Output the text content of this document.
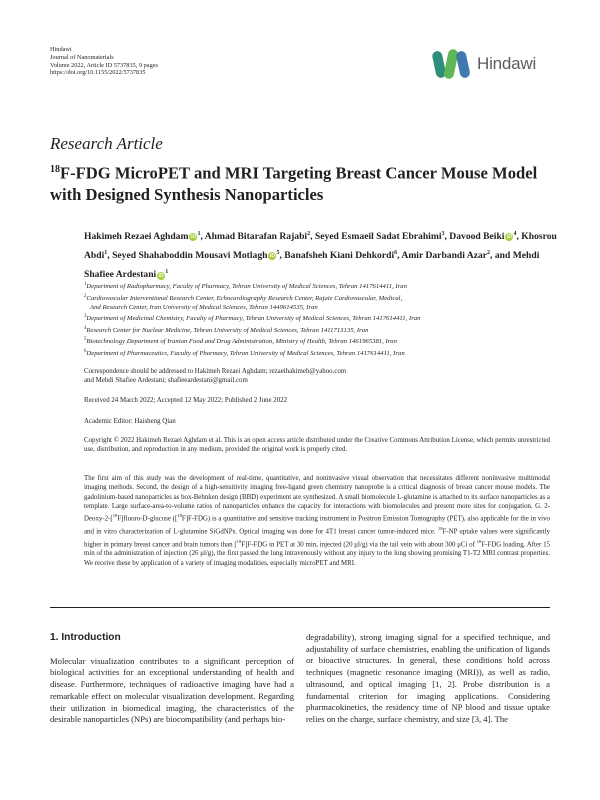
Hindawi
Journal of Nanomaterials
Volume 2022, Article ID 5737835, 9 pages
https://doi.org/10.1155/2022/5737835	Hindawi
Research Article
$^{18}$F-FDG MicroPET and MRI Targeting Breast Cancer Mouse Model with Designed Synthesis Nanoparticles
Hakimeh Rezaei Aghdam $iD^1$, Ahmad Bitarafan Rajabi$^2$, Seyed Esmaeil Sadat Ebrahimi$^3$, Davood Beiki $iD^4$, Khosrou Abdi$^1$, Seyed Shahaboddin Mousavi Motlagh $iD^5$, Banafsheh Kiani Dehkordi$^6$, Amir Darbandi Azar$^2$, and Mehdi Shafiee Ardestani $iD^1$
$^1$Department of Radiopharmacy, Faculty of Pharmacy, Tehran University of Medical Sciences, Tehran 1417614411, Iran
$^2$Cardiovascular Interventional Research Center, Echocardiography Research Center, Rajaie Cardiovascular, Medical,
And Research Center, Iran University of Medical Sciences, Tehran 1449614535, Iran
$^3$Department of Medicinal Chemistry, Faculty of Pharmacy, Tehran University of Medical Sciences, Tehran 1417614411, Iran
$^4$Research Center for Nuclear Medicine, Tehran University of Medical Sciences, Tehran 1411713135, Iran
$^5$Biotechnology Department of Iranian Food and Drug Administration, Ministry of Health, Tehran 1461965381, Iran
$^6$Department of Pharmaceutics, Faculty of Pharmacy, Tehran University of Medical Sciences, Tehran 1417614411, Iran
Correspondence should be addressed to Hakimeh Rezaei Aghdam; rezaeihakimeh@yahoo.com
and Mehdi Shafiee Ardestani; shafieeardestani@gmail.com
Received 24 March 2022; Accepted 12 May 2022; Published 2 June 2022
Academic Editor: Haisheng Qian
Copyright © 2022 Hakimeh Rezaei Aghdam et al. This is an open access article distributed under the Creative Commons Attribution License, which permits unrestricted use, distribution, and reproduction in any medium, provided the original work is properly cited.
The first aim of this study was the development of real-time, quantitative, and noninvasive visual observation that necessitates different noninvasive multimodal imaging methods. Second, the design of a high-sensitivity imaging free-ligand green chemistry nanoprobe is a critical diagnosis of breast cancer mouse models. The gadolinium-based nanoparticles as box-Behnken design (BBD) experiment are synthesized. A small biomolecule L-glutamine is attached to its surface nanoparticles as a template. Large surface-area-to-volume ratios of nanoparticles enhance the capacity for interactions with biomolecules and present more sites for conjugation. G. 2-Deoxy-2-[$^{18}$F]fluoro-D-glucose ([$^{18}$F]F-FDG) is a quantitative and sensitive tracking instrument in Positron Emission Tomography (PET), also applicable for the in vivo and in vitro characterization of L-glutamine SiGdNPs. Optical imaging was done for 4T1 breast cancer tumor-induced mice. $^{18}$F-NP uptake values were significantly higher in primary breast cancer and brain tumors than [$^{18}$F]F-FDG in PET at 30 min, injected (20 μl/g) via the tail vein with about 300 μCi of $^{18}$F-FDG loading. After 15 min of the administration of injection (26 μl/g), the first passed the lung intravenously without any injury to the lung showing promising T1-T2 MRI contrast properties. We receive these by application of a variety of imaging modalities, especially microPET and MRI.
1. Introduction

Molecular visualization contributes to a significant perception of biological activities for an exceptional understanding of health and disease. Furthermore, techniques of radioactive imaging have had a remarkable effect on molecular visualization development. Regarding their utilization in biomedical imaging, the characteristics of the desirable nanoparticles (NPs) are biocompatibility (and perhaps bio-

degradability), strong imaging signal for a specified technique, and adjustability of surface chemistries, enabling the unification of ligands or bioactive structures. In general, these conditions hold across techniques (magnetic resonance imaging (MRI)), as well as radio, ultrasound, and optical imaging [1, 2]. Probe distribution is a fundamental criterion for imaging applications. Considering pharmacokinetics, the residency time of NP blood and tissue uptake relies on the charge, surface chemistry, and size [3, 4]. The
